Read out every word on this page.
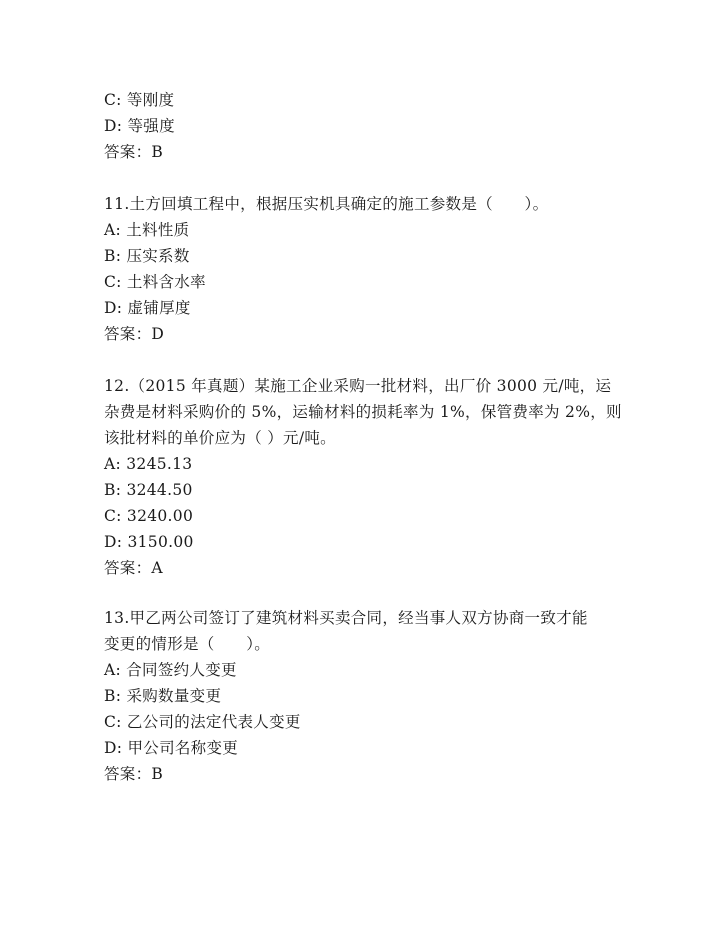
C: 等刚度
D: 等强度
答案：B
11.土方回填工程中，根据压实机具确定的施工参数是（　　）。
A: 土料性质
B: 压实系数
C: 土料含水率
D: 虚铺厚度
答案：D
12.（2015 年真题）某施工企业采购一批材料，出厂价 3000 元/吨，运
杂费是材料采购价的 5%，运输材料的损耗率为 1%，保管费率为 2%，则
该批材料的单价应为（ ）元/吨。
A: 3245.13
B: 3244.50
C: 3240.00
D: 3150.00
答案：A
13.甲乙两公司签订了建筑材料买卖合同，经当事人双方协商一致才能
变更的情形是（　　）。
A: 合同签约人变更
B: 采购数量变更
C: 乙公司的法定代表人变更
D: 甲公司名称变更
答案：B
